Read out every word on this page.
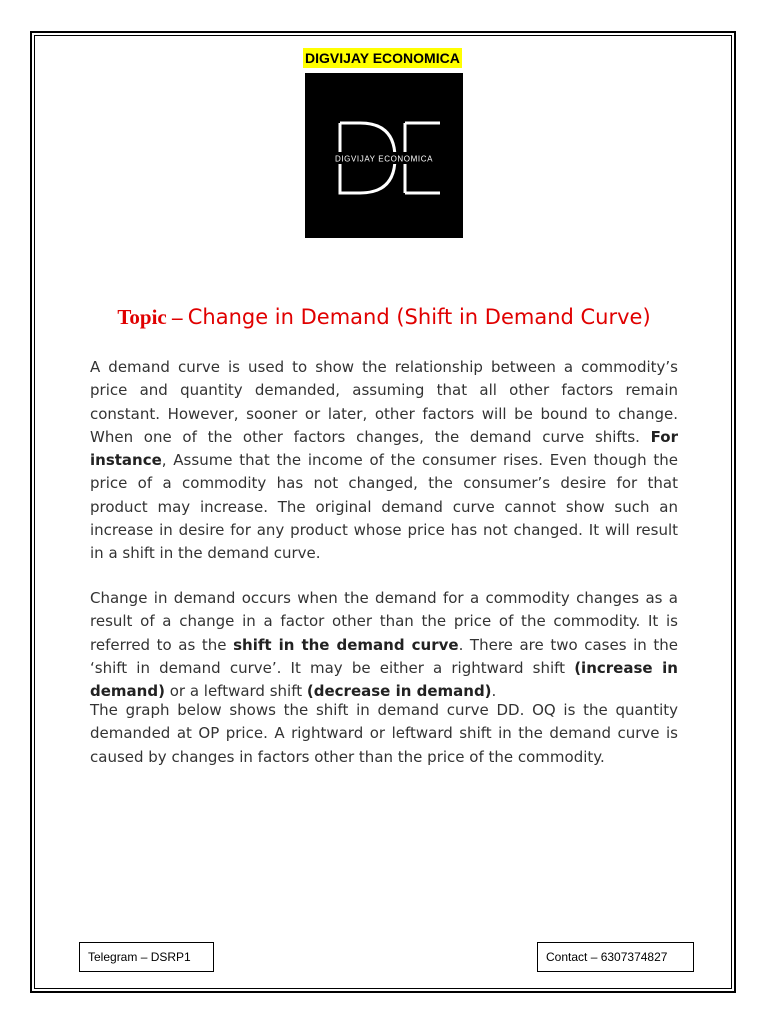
DIGVIJAY ECONOMICA
DIGVIJAY ECONOMICA
Topic – Change in Demand (Shift in Demand Curve)

A demand curve is used to show the relationship between a commodity’s price and quantity demanded, assuming that all other factors remain constant. However, sooner or later, other factors will be bound to change. When one of the other factors changes, the demand curve shifts. For instance, Assume that the income of the consumer rises. Even though the price of a commodity has not changed, the consumer’s desire for that product may increase. The original demand curve cannot show such an increase in desire for any product whose price has not changed. It will result in a shift in the demand curve.

Change in demand occurs when the demand for a commodity changes as a result of a change in a factor other than the price of the commodity. It is referred to as the shift in the demand curve. There are two cases in the ‘shift in demand curve’. It may be either a rightward shift (increase in demand) or a leftward shift (decrease in demand).

The graph below shows the shift in demand curve DD. OQ is the quantity demanded at OP price. A rightward or leftward shift in the demand curve is caused by changes in factors other than the price of the commodity.

Telegram – DSRP1	Contact – 6307374827
